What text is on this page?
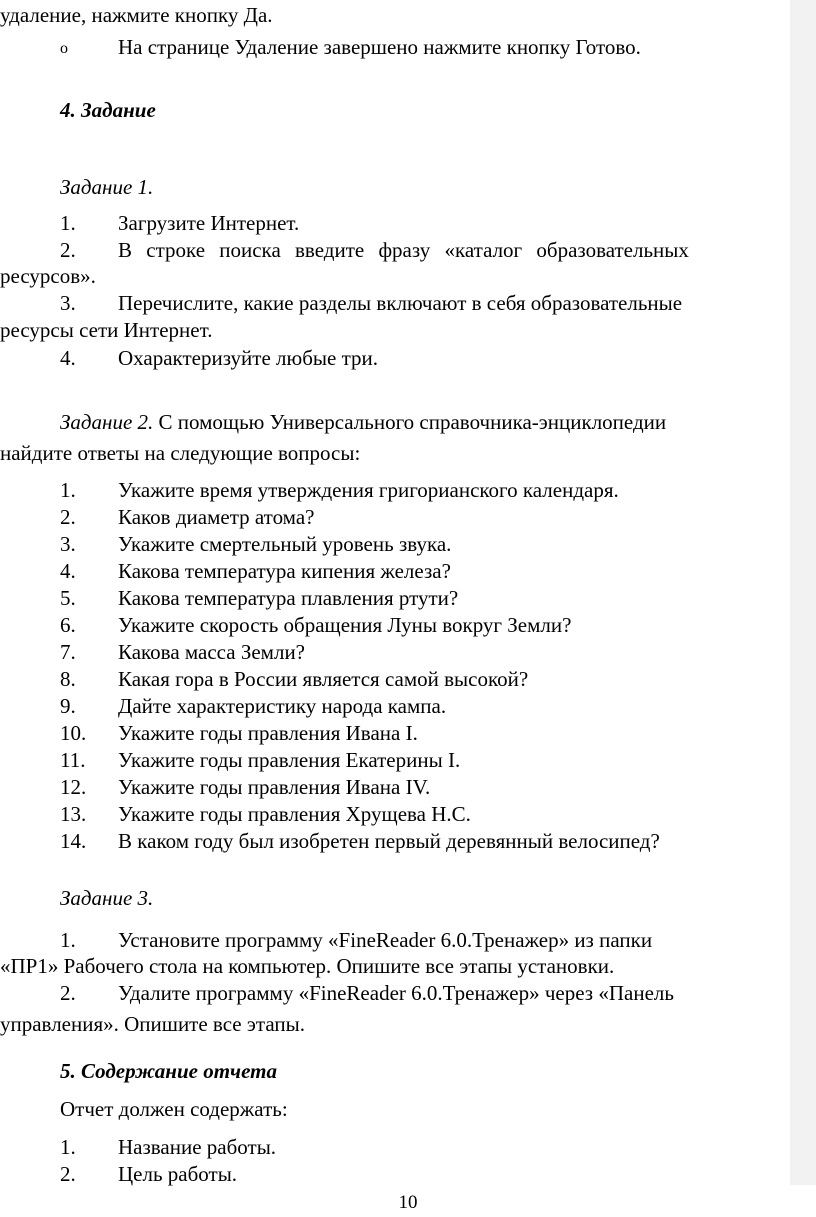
удаление, нажмите кнопку Да.
o На странице Удаление завершено нажмите кнопку Готово.
4. Задание
Задание 1.
1. Загрузите Интернет.
2. В строке поиска введите фразу «каталог образовательных
ресурсов».
3. Перечислите, какие разделы включают в себя образовательные
ресурсы сети Интернет.
4. Охарактеризуйте любые три.
Задание 2. С помощью Универсального справочника-энциклопедии
найдите ответы на следующие вопросы:
1. Укажите время утверждения григорианского календаря.
2. Каков диаметр атома?
3. Укажите смертельный уровень звука.
4. Какова температура кипения железа?
5. Какова температура плавления ртути?
6. Укажите скорость обращения Луны вокруг Земли?
7. Какова масса Земли?
8. Какая гора в России является самой высокой?
9. Дайте характеристику народа кампа.
10. Укажите годы правления Ивана I.
11. Укажите годы правления Екатерины I.
12. Укажите годы правления Ивана IV.
13. Укажите годы правления Хрущева Н.С.
14. В каком году был изобретен первый деревянный велосипед?
Задание 3.
1. Установите программу «FineReader 6.0.Тренажер» из папки
«ПР1» Рабочего стола на компьютер. Опишите все этапы установки.
2. Удалите программу «FineReader 6.0.Тренажер» через «Панель
управления». Опишите все этапы.
5. Содержание отчета
Отчет должен содержать:
1. Название работы.
2. Цель работы.
10
